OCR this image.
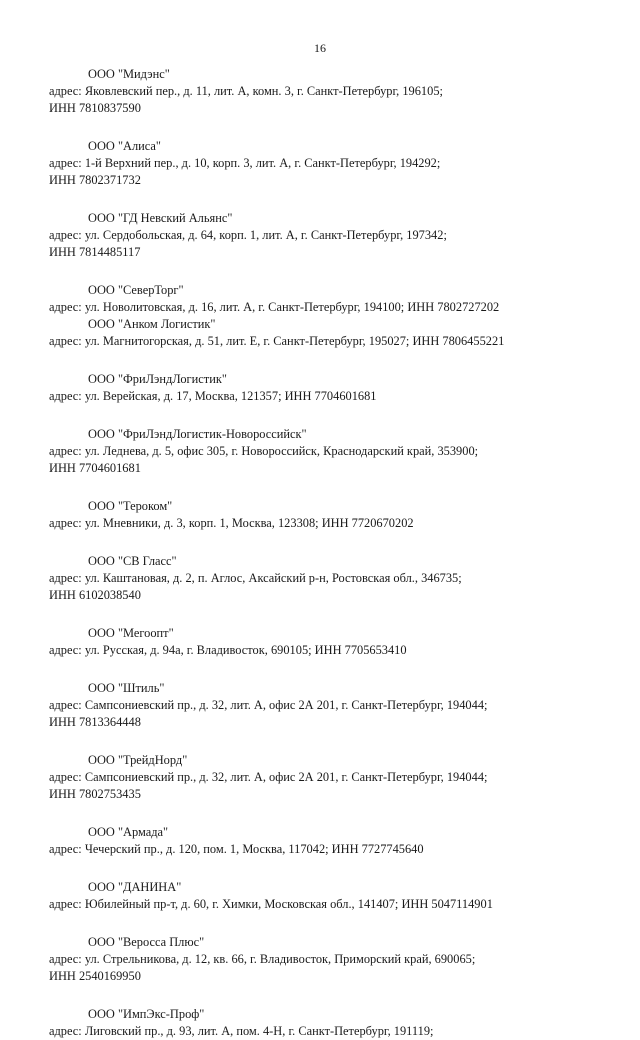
16
ООО "Мидэнс"
адрес: Яковлевский пер., д. 11, лит. А, комн. 3, г. Санкт-Петербург, 196105;
ИНН 7810837590
ООО "Алиса"
адрес: 1-й Верхний пер., д. 10, корп. 3, лит. А, г. Санкт-Петербург, 194292;
ИНН 7802371732
ООО "ГД Невский Альянс"
адрес: ул. Сердобольская, д. 64, корп. 1, лит. А, г. Санкт-Петербург, 197342;
ИНН 7814485117
ООО "СеверТорг"
адрес: ул. Новолитовская, д. 16, лит. А, г. Санкт-Петербург, 194100; ИНН 7802727202
ООО "Анком Логистик"
адрес: ул. Магнитогорская, д. 51, лит. Е, г. Санкт-Петербург, 195027; ИНН 7806455221
ООО "ФриЛэндЛогистик"
адрес: ул. Верейская, д. 17, Москва, 121357; ИНН 7704601681
ООО "ФриЛэндЛогистик-Новороссийск"
адрес: ул. Леднева, д. 5, офис 305, г. Новороссийск, Краснодарский край, 353900;
ИНН 7704601681
ООО "Тероком"
адрес: ул. Мневники, д. 3, корп. 1, Москва, 123308; ИНН 7720670202
ООО "СВ Гласс"
адрес: ул. Каштановая, д. 2, п. Аглос, Аксайский р-н, Ростовская обл., 346735;
ИНН 6102038540
ООО "Мегоопт"
адрес: ул. Русская, д. 94а, г. Владивосток, 690105; ИНН 7705653410
ООО "Штиль"
адрес: Сампсониевский пр., д. 32, лит. А, офис 2А 201, г. Санкт-Петербург, 194044;
ИНН 7813364448
ООО "ТрейдНорд"
адрес: Сампсониевский пр., д. 32, лит. А, офис 2А 201, г. Санкт-Петербург, 194044;
ИНН 7802753435
ООО "Армада"
адрес: Чечерский пр., д. 120, пом. 1, Москва, 117042; ИНН 7727745640
ООО "ДАНИНА"
адрес: Юбилейный пр-т, д. 60, г. Химки, Московская обл., 141407; ИНН 5047114901
ООО "Веросса Плюс"
адрес: ул. Стрельникова, д. 12, кв. 66, г. Владивосток, Приморский край, 690065;
ИНН 2540169950
ООО "ИмпЭкс-Проф"
адрес: Лиговский пр., д. 93, лит. А, пом. 4-Н, г. Санкт-Петербург, 191119;
